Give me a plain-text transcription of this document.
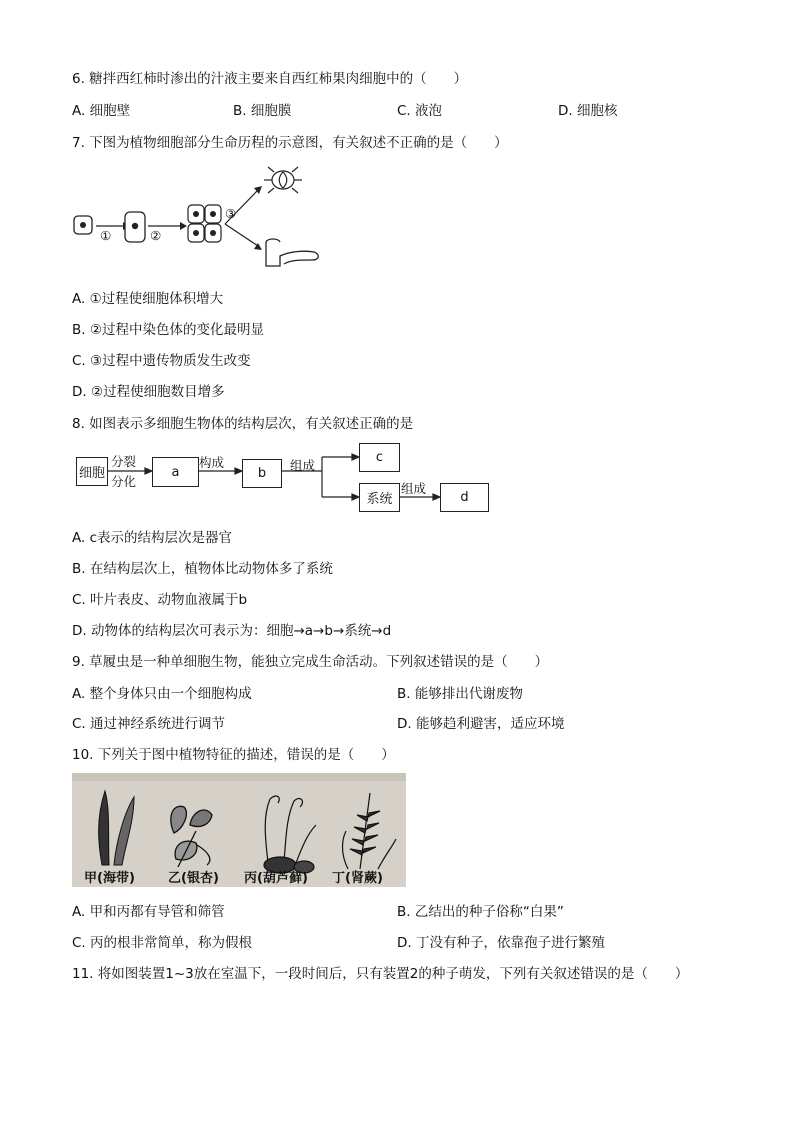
6. 糖拌西红柿时渗出的汁液主要来自西红柿果肉细胞中的（　　）
A. 细胞壁	B. 细胞膜	C. 液泡	D. 细胞核
7. 下图为植物细胞部分生命历程的示意图，有关叙述不正确的是（　　）
①	②
③
A. ①过程使细胞体积增大
B. ②过程中染色体的变化最明显
C. ③过程中遗传物质发生改变
D. ②过程使细胞数目增多
8. 如图表示多细胞生物体的结构层次，有关叙述正确的是
细胞
分裂
分化
a
构成
b
组成
c
系统
组成
d
A. c表示的结构层次是器官
B. 在结构层次上，植物体比动物体多了系统
C. 叶片表皮、动物血液属于b
D. 动物体的结构层次可表示为：细胞→a→b→系统→d
9. 草履虫是一种单细胞生物，能独立完成生命活动。下列叙述错误的是（　　）
A. 整个身体只由一个细胞构成	B. 能够排出代谢废物
C. 通过神经系统进行调节	D. 能够趋利避害，适应环境
10. 下列关于图中植物特征的描述，错误的是（　　）
甲(海带)	乙(银杏) 丙(葫芦藓) 丁(肾蕨)
A. 甲和丙都有导管和筛管	B. 乙结出的种子俗称“白果”
C. 丙的根非常简单，称为假根	D. 丁没有种子，依靠孢子进行繁殖
11. 将如图装置1~3放在室温下，一段时间后，只有装置2的种子萌发，下列有关叙述错误的是（　　）
